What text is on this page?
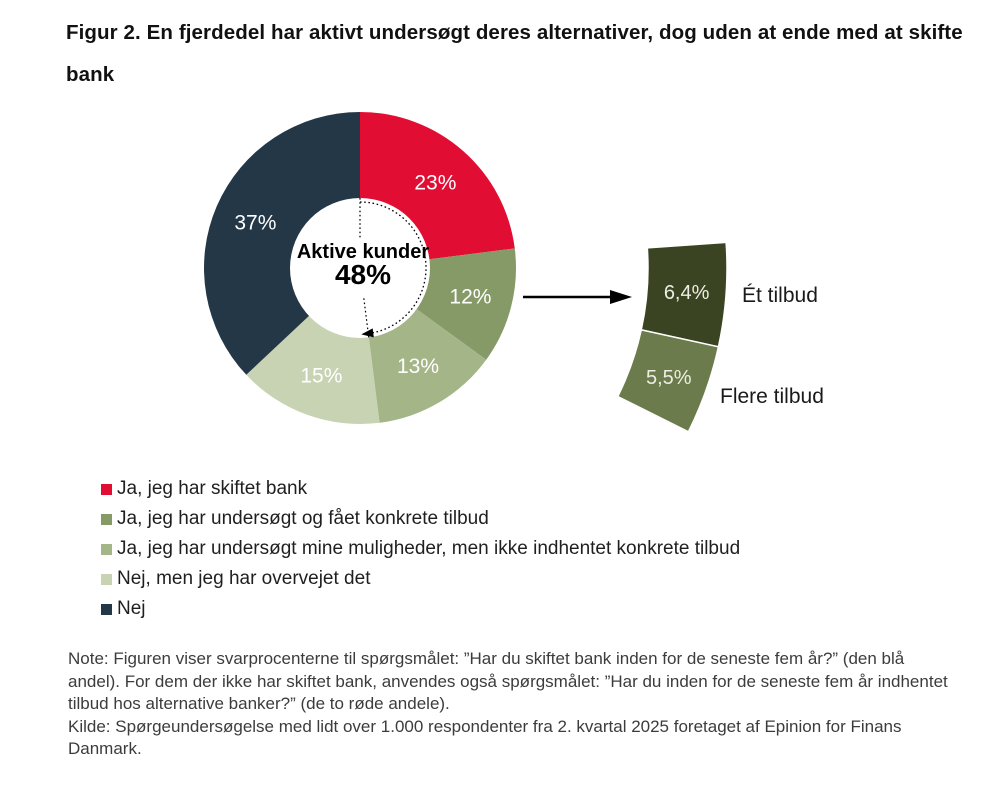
Figur 2. En fjerdedel har aktivt undersøgt deres alternativer, dog uden at ende med at skifte bank
23%
12%
13%
15%
37%
Aktive kunder
48%
6,4%
5,5%
Ét tilbud
Flere tilbud
Ja, jeg har skiftet bank
Ja, jeg har undersøgt og fået konkrete tilbud
Ja, jeg har undersøgt mine muligheder, men ikke indhentet konkrete tilbud
Nej, men jeg har overvejet det
Nej

Note: Figuren viser svarprocenterne til spørgsmålet: ”Har du skiftet bank inden for de seneste fem år?” (den blå andel). For dem der ikke har skiftet bank, anvendes også spørgsmålet: ”Har du inden for de seneste fem år indhentet tilbud hos alternative banker?” (de to røde andele).

Kilde: Spørgeundersøgelse med lidt over 1.000 respondenter fra 2. kvartal 2025 foretaget af Epinion for Finans Danmark.
